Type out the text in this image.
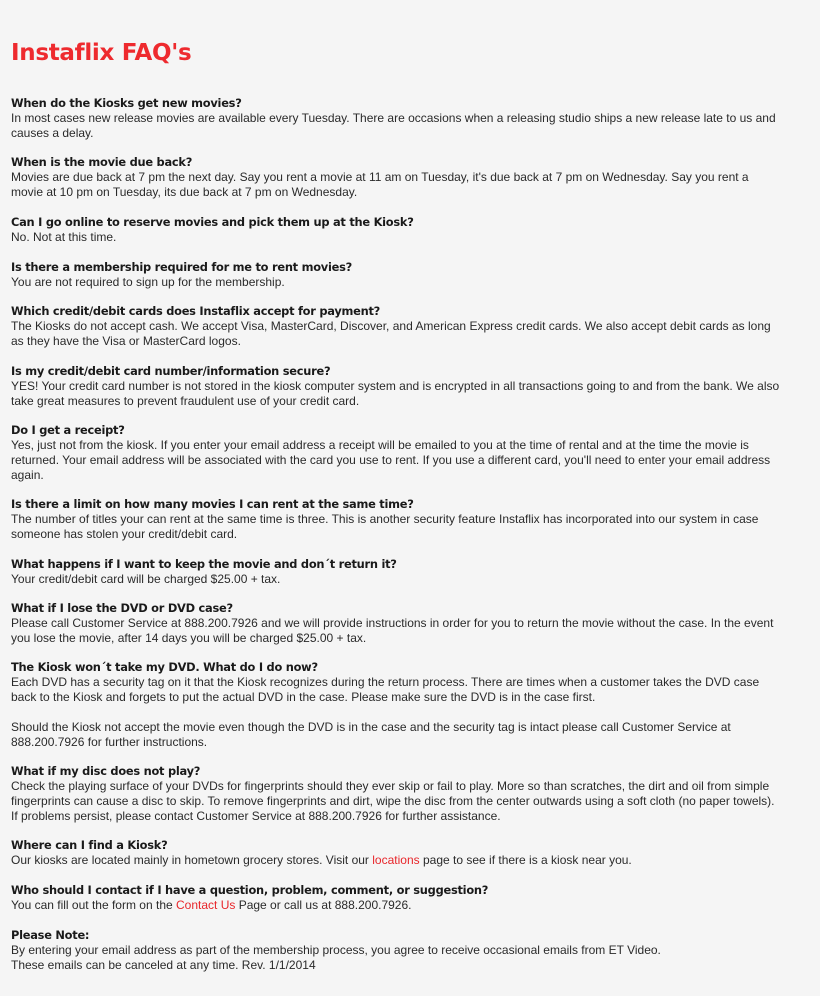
Instaflix FAQ's
When do the Kiosks get new movies?

In most cases new release movies are available every Tuesday. There are occasions when a releasing studio ships a new release late to us and
causes a delay.

When is the movie due back?

Movies are due back at 7 pm the next day. Say you rent a movie at 11 am on Tuesday, it's due back at 7 pm on Wednesday. Say you rent a
movie at 10 pm on Tuesday, its due back at 7 pm on Wednesday.

Can I go online to reserve movies and pick them up at the Kiosk?

No. Not at this time.

Is there a membership required for me to rent movies?

You are not required to sign up for the membership.

Which credit/debit cards does Instaflix accept for payment?

The Kiosks do not accept cash. We accept Visa, MasterCard, Discover, and American Express credit cards. We also accept debit cards as long
as they have the Visa or MasterCard logos.

Is my credit/debit card number/information secure?

YES! Your credit card number is not stored in the kiosk computer system and is encrypted in all transactions going to and from the bank. We also
take great measures to prevent fraudulent use of your credit card.

Do I get a receipt?

Yes, just not from the kiosk. If you enter your email address a receipt will be emailed to you at the time of rental and at the time the movie is
returned. Your email address will be associated with the card you use to rent. If you use a different card, you'll need to enter your email address
again.

Is there a limit on how many movies I can rent at the same time?

The number of titles your can rent at the same time is three. This is another security feature Instaflix has incorporated into our system in case
someone has stolen your credit/debit card.

What happens if I want to keep the movie and don´t return it?

Your credit/debit card will be charged $25.00 + tax.

What if I lose the DVD or DVD case?

Please call Customer Service at 888.200.7926 and we will provide instructions in order for you to return the movie without the case. In the event
you lose the movie, after 14 days you will be charged $25.00 + tax.

The Kiosk won´t take my DVD. What do I do now?

Each DVD has a security tag on it that the Kiosk recognizes during the return process. There are times when a customer takes the DVD case
back to the Kiosk and forgets to put the actual DVD in the case. Please make sure the DVD is in the case first.

Should the Kiosk not accept the movie even though the DVD is in the case and the security tag is intact please call Customer Service at
888.200.7926 for further instructions.

What if my disc does not play?

Check the playing surface of your DVDs for fingerprints should they ever skip or fail to play. More so than scratches, the dirt and oil from simple
fingerprints can cause a disc to skip. To remove fingerprints and dirt, wipe the disc from the center outwards using a soft cloth (no paper towels).
If problems persist, please contact Customer Service at 888.200.7926 for further assistance.

Where can I find a Kiosk?

Our kiosks are located mainly in hometown grocery stores. Visit our locations page to see if there is a kiosk near you.

Who should I contact if I have a question, problem, comment, or suggestion?

You can fill out the form on the Contact Us Page or call us at 888.200.7926.

Please Note:

By entering your email address as part of the membership process, you agree to receive occasional emails from ET Video.
These emails can be canceled at any time. Rev. 1/1/2014
